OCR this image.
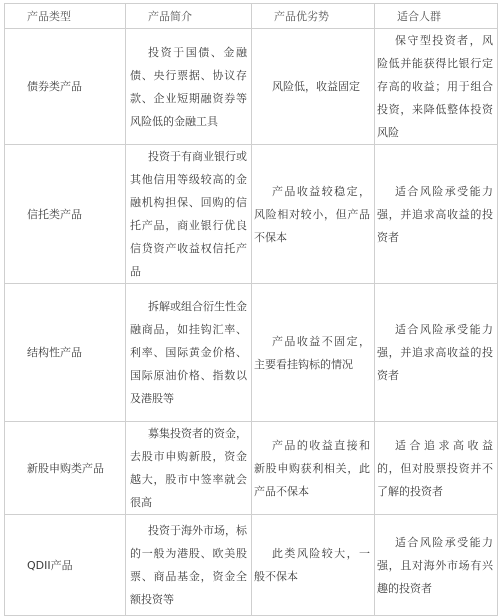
产品类型	产品简介	产品优劣势	适合人群

债券类产品	投资于国债、金融债、央行票据、协议存款、企业短期融资券等风险低的金融工具	风险低，收益固定	保守型投资者，风险低并能获得比银行定存高的收益；用于组合投资，来降低整体投资风险

信托类产品	投资于有商业银行或其他信用等级较高的金融机构担保、回购的信托产品，商业银行优良信贷资产收益权信托产品	产品收益较稳定，风险相对较小，但产品不保本	适合风险承受能力强，并追求高收益的投资者

结构性产品	拆解或组合衍生性金融商品，如挂钩汇率、利率、国际黄金价格、国际原油价格、指数以及港股等	产品收益不固定，主要看挂钩标的情况	适合风险承受能力强，并追求高收益的投资者

新股申购类产品	募集投资者的资金，去股市申购新股，资金越大，股市中签率就会很高	产品的收益直接和新股申购获利相关，此产品不保本	适合追求高收益的，但对股票投资并不了解的投资者

QDII产品	投资于海外市场，标的一般为港股、欧美股票、商品基金，资金全额投资等	此类风险较大，一般不保本	适合风险承受能力强，且对海外市场有兴趣的投资者
